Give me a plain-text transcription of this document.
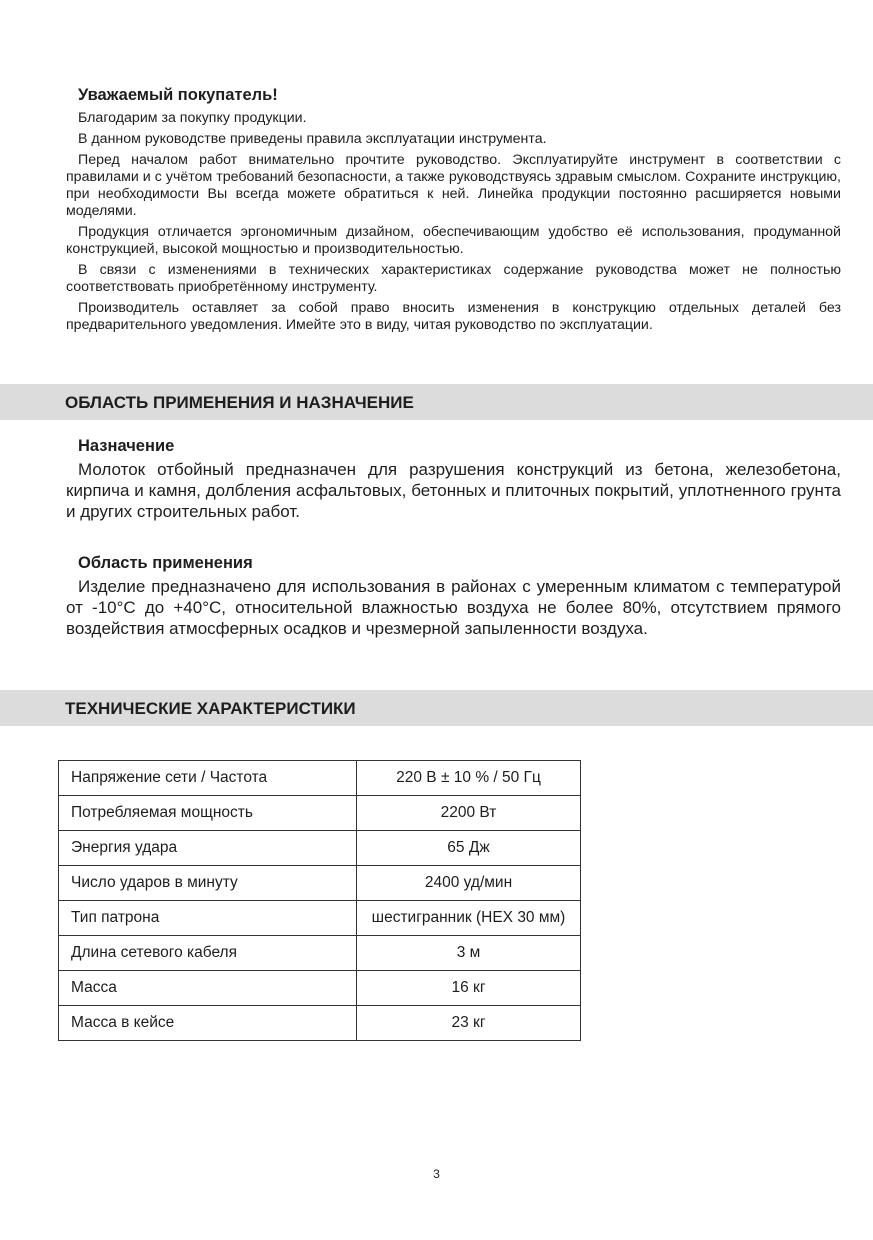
Уважаемый покупатель!

Благодарим за покупку продукции.

В данном руководстве приведены правила эксплуатации инструмента.

Перед началом работ внимательно прочтите руководство. Эксплуатируйте инструмент в соответствии с правилами и с учётом требований безопасности, а также руководствуясь здравым смыслом. Сохраните инструкцию, при необходимости Вы всегда можете обратиться к ней. Линейка продукции постоянно расширяется новыми моделями.

Продукция отличается эргономичным дизайном, обеспечивающим удобство её использования, продуманной конструкцией, высокой мощностью и производительностью.

В связи с изменениями в технических характеристиках содержание руководства может не полностью соответствовать приобретённому инструменту.

Производитель оставляет за собой право вносить изменения в конструкцию отдельных деталей без предварительного уведомления. Имейте это в виду, читая руководство по эксплуатации.

ОБЛАСТЬ ПРИМЕНЕНИЯ И НАЗНАЧЕНИЕ
Назначение

Молоток отбойный предназначен для разрушения конструкций из бетона, железобетона, кирпича и камня, долбления асфальтовых, бетонных и плиточных покрытий, уплотненного грунта и других строительных работ.

Область применения

Изделие предназначено для использования в районах с умеренным климатом с температурой от -10°C до +40°C, относительной влажностью воздуха не более 80%, отсутствием прямого воздействия атмосферных осадков и чрезмерной запыленности воздуха.

ТЕХНИЧЕСКИЕ ХАРАКТЕРИСТИКИ
Напряжение сети / Частота	220 В ± 10 % / 50 Гц
Потребляемая мощность	2200 Вт
Энергия удара	65 Дж
Число ударов в минуту	2400 уд/мин
Тип патрона	шестигранник (HEX 30 мм)
Длина сетевого кабеля	3 м
Масса	16 кг
Масса в кейсе	23 кг
3
